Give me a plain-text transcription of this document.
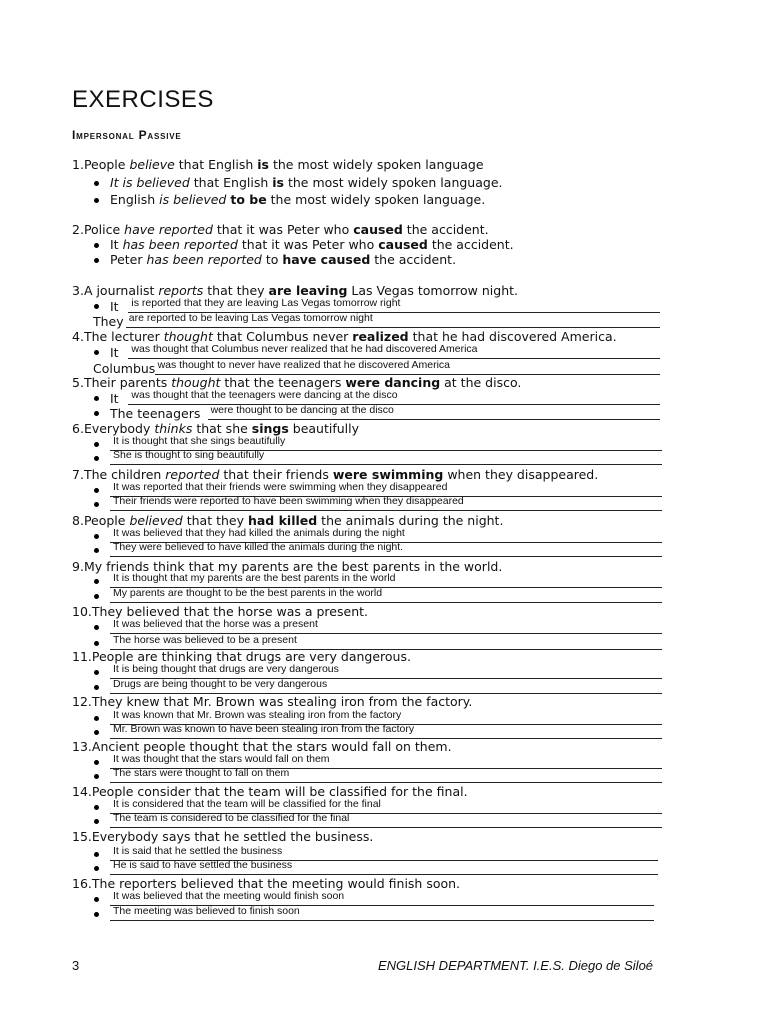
EXERCISES
Impersonal Passive
1.People believe that English is the most widely spoken language
It is believed that English is the most widely spoken language.
English is believed to be the most widely spoken language.
2.Police have reported that it was Peter who caused the accident.
It has been reported that it was Peter who caused the accident.
Peter has been reported to have caused the accident.
3.A journalist reports that they are leaving Las Vegas tomorrow night.
It is reported that they are leaving Las Vegas tomorrow right
They are reported to be leaving Las Vegas tomorrow night
4.The lecturer thought that Columbus never realized that he had discovered America.
It was thought that Columbus never realized that he had discovered America
Columbus was thought to never have realized that he discovered America
5.Their parents thought that the teenagers were dancing at the disco.
It was thought that the teenagers were dancing at the disco
The teenagers were thought to be dancing at the disco
6.Everybody thinks that she sings beautifully
It is thought that she sings beautifully
She is thought to sing beautifully
7.The children reported that their friends were swimming when they disappeared.
It was reported that their friends were swimming when they disappeared
Their friends were reported to have been swimming when they disappeared
8.People believed that they had killed the animals during the night.
It was believed that they had killed the animals during the night
They were believed to have killed the animals during the night.
9.My friends think that my parents are the best parents in the world.
It is thought that my parents are the best parents in the world
My parents are thought to be the best parents in the world
10.They believed that the horse was a present.
It was believed that the horse was a present
The horse was believed to be a present
11.People are thinking that drugs are very dangerous.
It is being thought that drugs are very dangerous
Drugs are being thought to be very dangerous
12.They knew that Mr. Brown was stealing iron from the factory.
It was known that Mr. Brown was stealing iron from the factory
Mr. Brown was known to have been stealing iron from the factory
13.Ancient people thought that the stars would fall on them.
It was thought that the stars would fall on them
The stars were thought to fall on them
14.People consider that the team will be classified for the final.
It is considered that the team will be classified for the final
The team is considered to be classified for the final
15.Everybody says that he settled the business.
It is said that he settled the business
He is said to have settled the business
16.The reporters believed that the meeting would finish soon.
It was believed that the meeting would finish soon
The meeting was believed to finish soon
3	ENGLISH DEPARTMENT. I.E.S. Diego de Siloé
